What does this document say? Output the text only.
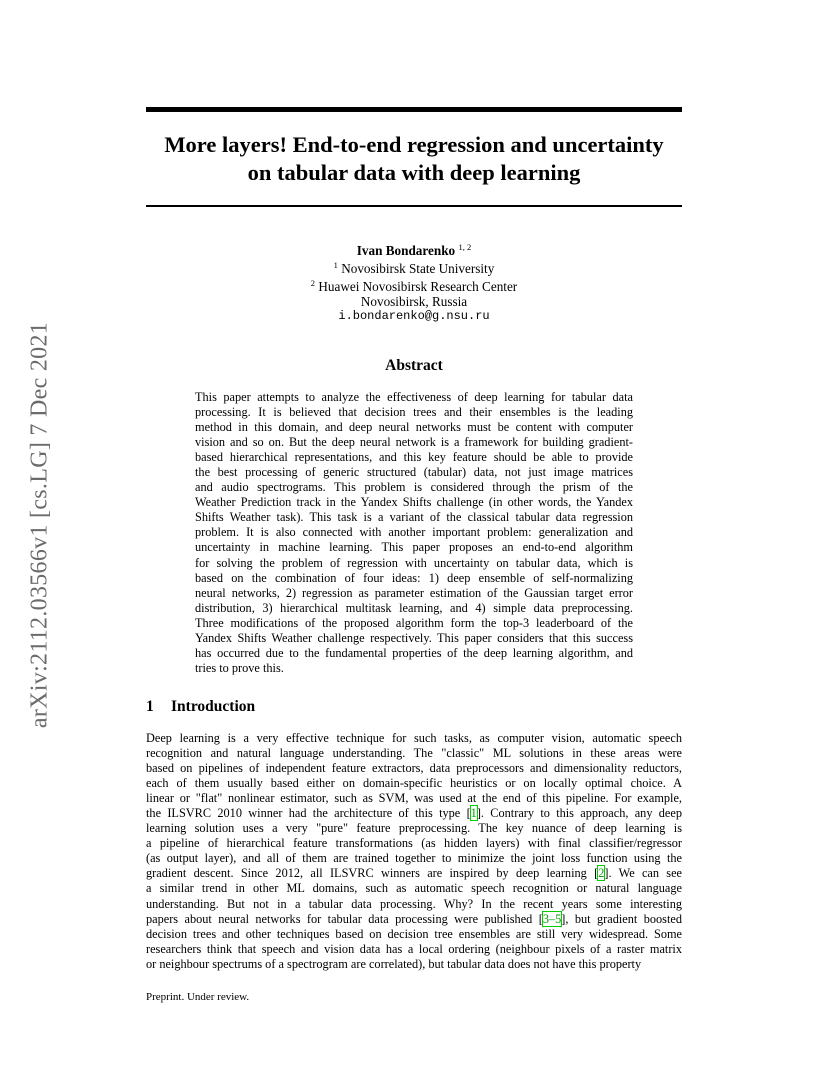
arXiv:2112.03566v1 [cs.LG] 7 Dec 2021
More layers! End-to-end regression and uncertainty
on tabular data with deep learning
Ivan Bondarenko $^{1, 2}$
$^1$ Novosibirsk State University
$^2$ Huawei Novosibirsk Research Center
Novosibirsk, Russia
i.bondarenko@g.nsu.ru
Abstract
This paper attempts to analyze the effectiveness of deep learning for tabular data
processing. It is believed that decision trees and their ensembles is the leading
method in this domain, and deep neural networks must be content with computer
vision and so on. But the deep neural network is a framework for building gradient-
based hierarchical representations, and this key feature should be able to provide
the best processing of generic structured (tabular) data, not just image matrices
and audio spectrograms. This problem is considered through the prism of the
Weather Prediction track in the Yandex Shifts challenge (in other words, the Yandex
Shifts Weather task). This task is a variant of the classical tabular data regression
problem. It is also connected with another important problem: generalization and
uncertainty in machine learning. This paper proposes an end-to-end algorithm
for solving the problem of regression with uncertainty on tabular data, which is
based on the combination of four ideas: 1) deep ensemble of self-normalizing
neural networks, 2) regression as parameter estimation of the Gaussian target error
distribution, 3) hierarchical multitask learning, and 4) simple data preprocessing.
Three modifications of the proposed algorithm form the top-3 leaderboard of the
Yandex Shifts Weather challenge respectively. This paper considers that this success
has occurred due to the fundamental properties of the deep learning algorithm, and
tries to prove this.
1 Introduction
Deep learning is a very effective technique for such tasks, as computer vision, automatic speech
recognition and natural language understanding. The "classic" ML solutions in these areas were
based on pipelines of independent feature extractors, data preprocessors and dimensionality reductors,
each of them usually based either on domain-specific heuristics or on locally optimal choice. A
linear or "flat" nonlinear estimator, such as SVM, was used at the end of this pipeline. For example,
the ILSVRC 2010 winner had the architecture of this type [1]. Contrary to this approach, any deep
learning solution uses a very "pure" feature preprocessing. The key nuance of deep learning is
a pipeline of hierarchical feature transformations (as hidden layers) with final classifier/regressor
(as output layer), and all of them are trained together to minimize the joint loss function using the
gradient descent. Since 2012, all ILSVRC winners are inspired by deep learning [2]. We can see
a similar trend in other ML domains, such as automatic speech recognition or natural language
understanding. But not in a tabular data processing. Why? In the recent years some interesting
papers about neural networks for tabular data processing were published [3–5], but gradient boosted
decision trees and other techniques based on decision tree ensembles are still very widespread. Some
researchers think that speech and vision data has a local ordering (neighbour pixels of a raster matrix
or neighbour spectrums of a spectrogram are correlated), but tabular data does not have this property
Preprint. Under review.
